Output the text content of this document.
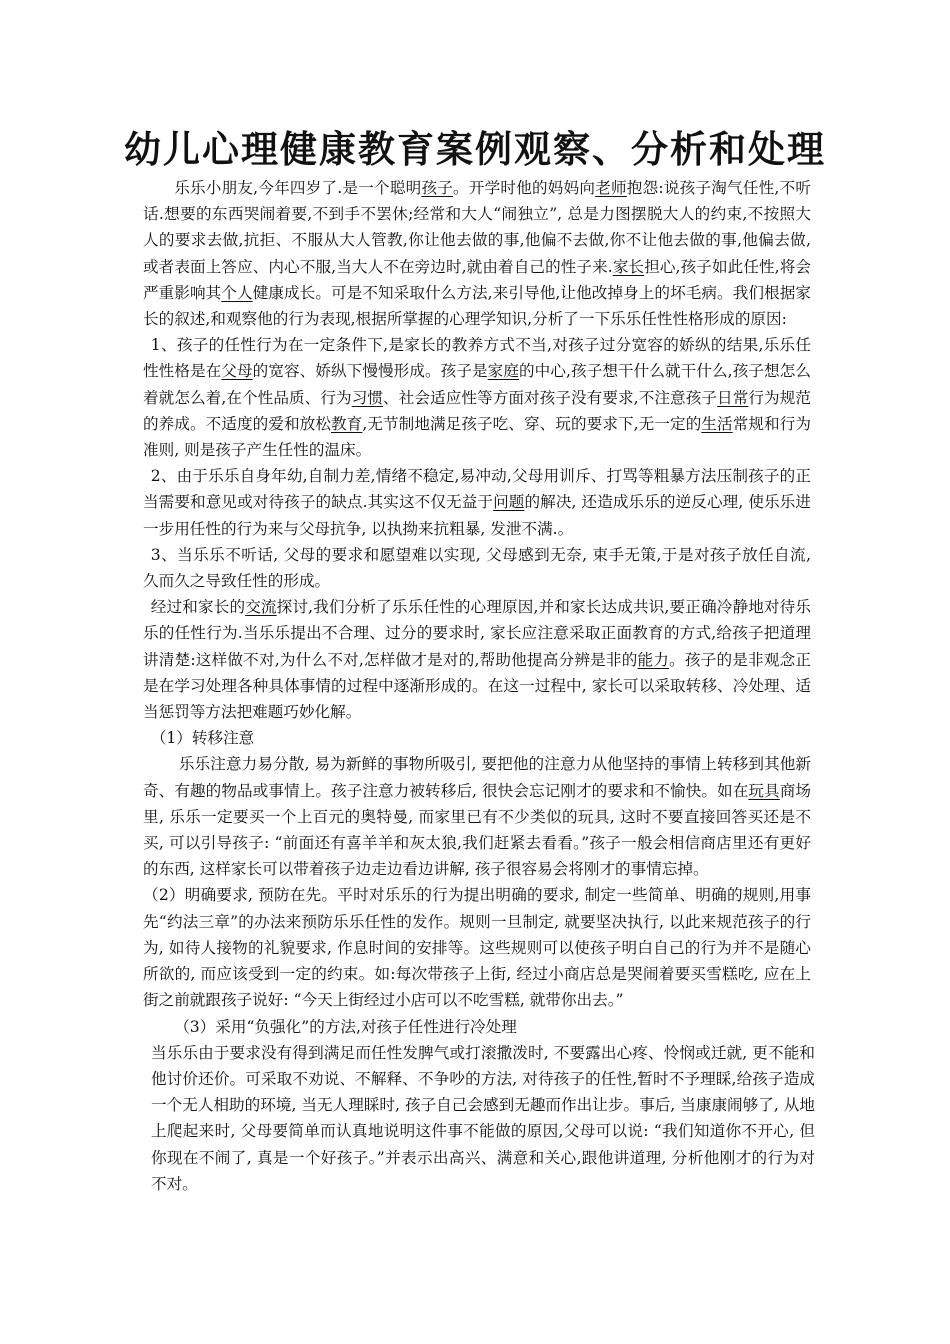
幼儿心理健康教育案例观察、分析和处理

乐乐小朋友,今年四岁了.是一个聪明孩子。开学时他的妈妈向老师抱怨:说孩子淘气任性,不听话.想要的东西哭闹着要,不到手不罢休;经常和大人“闹独立”, 总是力图摆脱大人的约束,不按照大人的要求去做,抗拒、不服从大人管教,你让他去做的事,他偏不去做,你不让他去做的事,他偏去做,或者表面上答应、内心不服,当大人不在旁边时,就由着自己的性子来.家长担心,孩子如此任性,将会严重影响其个人健康成长。可是不知采取什么方法,来引导他,让他改掉身上的坏毛病。我们根据家长的叙述,和观察他的行为表现,根据所掌握的心理学知识,分析了一下乐乐任性性格形成的原因:

1、孩子的任性行为在一定条件下,是家长的教养方式不当,对孩子过分宽容的娇纵的结果,乐乐任性性格是在父母的宽容、娇纵下慢慢形成。孩子是家庭的中心,孩子想干什么就干什么,孩子想怎么着就怎么着,在个性品质、行为习惯、社会适应性等方面对孩子没有要求,不注意孩子日常行为规范的养成。不适度的爱和放松教育,无节制地满足孩子吃、穿、玩的要求下,无一定的生活常规和行为准则, 则是孩子产生任性的温床。

2、由于乐乐自身年幼,自制力差,情绪不稳定,易冲动,父母用训斥、打骂等粗暴方法压制孩子的正当需要和意见或对待孩子的缺点.其实这不仅无益于问题的解决, 还造成乐乐的逆反心理, 使乐乐进一步用任性的行为来与父母抗争, 以执拗来抗粗暴, 发泄不满.。

3、当乐乐不听话, 父母的要求和愿望难以实现, 父母感到无奈, 束手无策,于是对孩子放任自流, 久而久之导致任性的形成。

经过和家长的交流探讨,我们分析了乐乐任性的心理原因,并和家长达成共识,要正确冷静地对待乐乐的任性行为.当乐乐提出不合理、过分的要求时, 家长应注意采取正面教育的方式,给孩子把道理讲清楚:这样做不对,为什么不对,怎样做才是对的,帮助他提高分辨是非的能力。孩子的是非观念正是在学习处理各种具体事情的过程中逐渐形成的。在这一过程中, 家长可以采取转移、冷处理、适当惩罚等方法把难题巧妙化解。

（1）转移注意

乐乐注意力易分散, 易为新鲜的事物所吸引, 要把他的注意力从他坚持的事情上转移到其他新奇、有趣的物品或事情上。孩子注意力被转移后, 很快会忘记刚才的要求和不愉快。如在玩具商场里, 乐乐一定要买一个上百元的奥特曼, 而家里已有不少类似的玩具, 这时不要直接回答买还是不买, 可以引导孩子: “前面还有喜羊羊和灰太狼,我们赶紧去看看。”孩子一般会相信商店里还有更好的东西, 这样家长可以带着孩子边走边看边讲解, 孩子很容易会将刚才的事情忘掉。

（2）明确要求, 预防在先。平时对乐乐的行为提出明确的要求, 制定一些简单、明确的规则,用事先“约法三章”的办法来预防乐乐任性的发作。规则一旦制定, 就要坚决执行, 以此来规范孩子的行为, 如待人接物的礼貌要求, 作息时间的安排等。这些规则可以使孩子明白自己的行为并不是随心所欲的, 而应该受到一定的约束。如:每次带孩子上街, 经过小商店总是哭闹着要买雪糕吃, 应在上街之前就跟孩子说好: “今天上街经过小店可以不吃雪糕, 就带你出去。”

（3）采用“负强化”的方法,对孩子任性进行冷处理

当乐乐由于要求没有得到满足而任性发脾气或打滚撒泼时, 不要露出心疼、怜悯或迁就, 更不能和他讨价还价。可采取不劝说、不解释、不争吵的方法, 对待孩子的任性,暂时不予理睬,给孩子造成一个无人相助的环境, 当无人理睬时, 孩子自己会感到无趣而作出让步。事后, 当康康闹够了, 从地上爬起来时, 父母要简单而认真地说明这件事不能做的原因,父母可以说: “我们知道你不开心, 但你现在不闹了, 真是一个好孩子。”并表示出高兴、满意和关心,跟他讲道理, 分析他刚才的行为对不对。
